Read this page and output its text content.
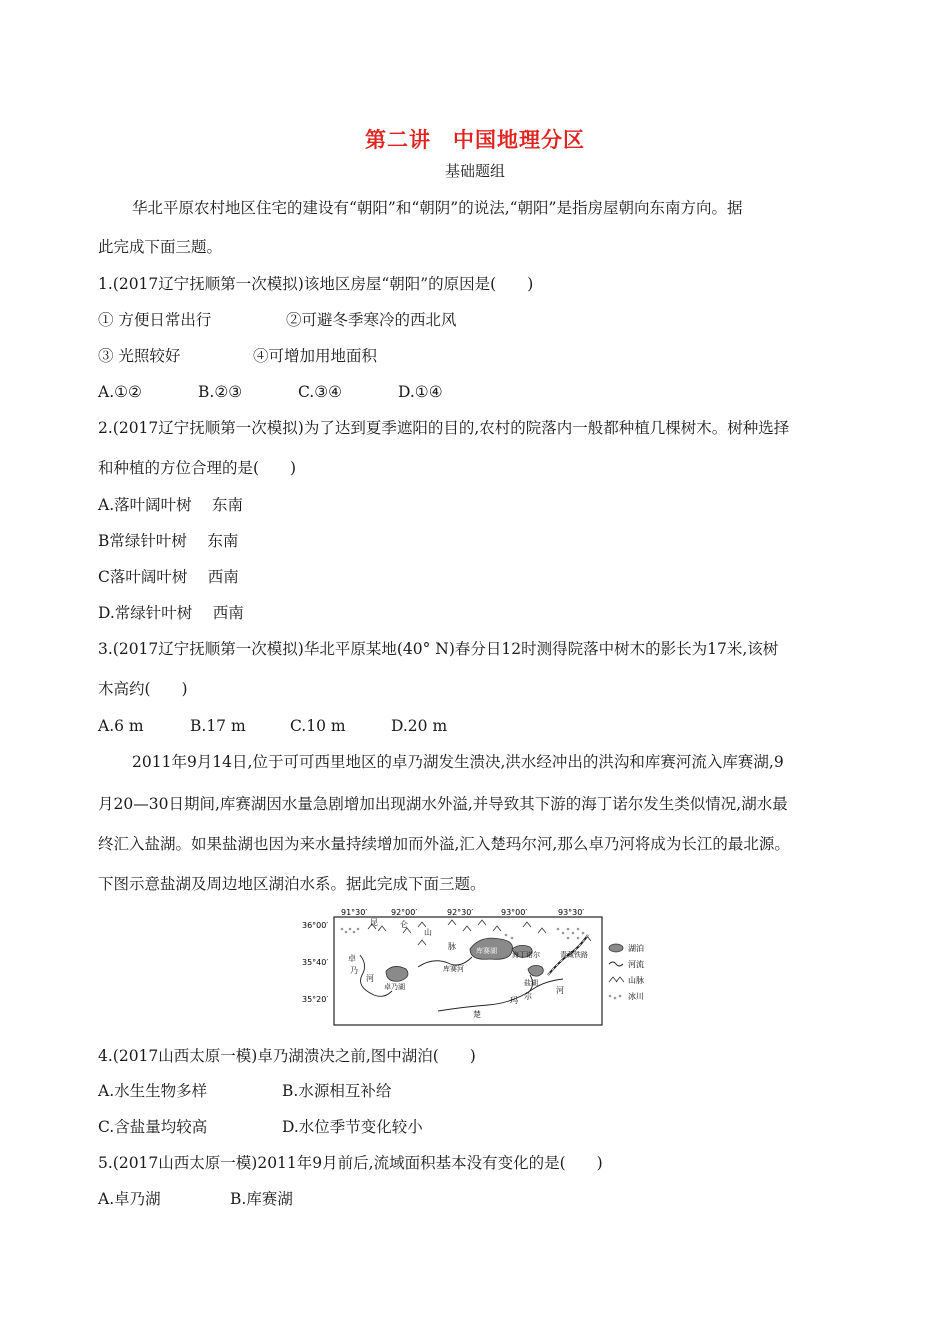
第二讲　中国地理分区
基础题组
华北平原农村地区住宅的建设有“朝阳”和“朝阴”的说法,“朝阳”是指房屋朝向东南方向。据
此完成下面三题。
1.(2017辽宁抚顺第一次模拟)该地区房屋“朝阳”的原因是(　　)
① 方便日常出行	②可避冬季寒冷的西北风
③ 光照较好	④可增加用地面积
A.①②	B.②③	C.③④	D.①④
2.(2017辽宁抚顺第一次模拟)为了达到夏季遮阳的目的,农村的院落内一般都种植几棵树木。树种选择
和种植的方位合理的是(　　)
A.落叶阔叶树　 东南
B常绿针叶树　 东南
C落叶阔叶树　 西南
D.常绿针叶树　 西南
3.(2017辽宁抚顺第一次模拟)华北平原某地(40° N)春分日12时测得院落中树木的影长为17米,该树
木高约(　　)
A.6 m	B.17 m	C.10 m	D.20 m
2011年9月14日,位于可可西里地区的卓乃湖发生溃决,洪水经冲出的洪沟和库赛河流入库赛湖,9
月20—30日期间,库赛湖因水量急剧增加出现湖水外溢,并导致其下游的海丁诺尔发生类似情况,湖水最
终汇入盐湖。如果盐湖也因为来水量持续增加而外溢,汇入楚玛尔河,那么卓乃河将成为长江的最北源。
下图示意盐湖及周边地区湖泊水系。据此完成下面三题。
91°30′	92°00′	92°30′	93°00′	93°30′
36°00′
35°40′
35°20′
昆	仑
山
脉	库赛湖 海丁诺尔
库赛河
青藏铁路
卓乃湖	盐湖
卓
乃
河
楚
玛 尔
河
湖泊
河流
山脉
冰川
4.(2017山西太原一模)卓乃湖溃决之前,图中湖泊(　　)
A.水生生物多样	B.水源相互补给
C.含盐量均较高	D.水位季节变化较小
5.(2017山西太原一模)2011年9月前后,流域面积基本没有变化的是(　　)
A.卓乃湖	B.库赛湖
